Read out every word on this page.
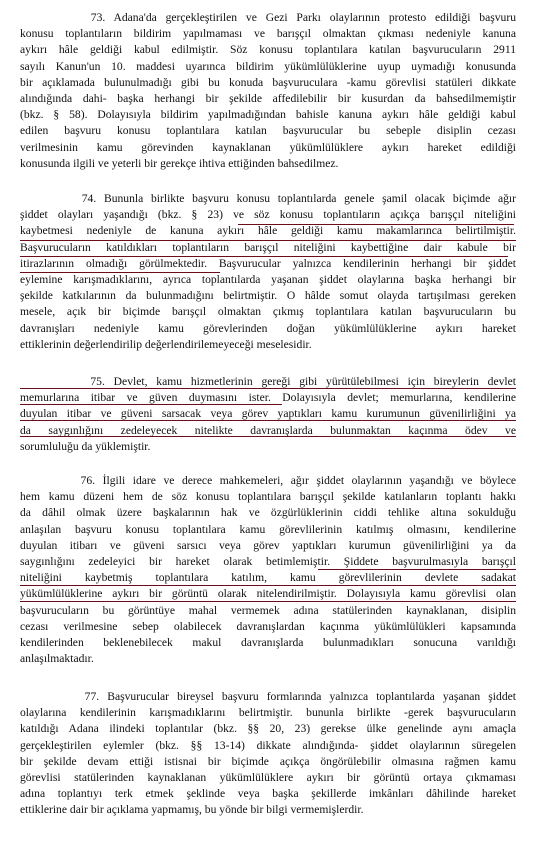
73. Adana'da gerçekleştirilen ve Gezi Parkı olaylarının protesto edildiği başvuru
konusu toplantıların bildirim yapılmaması ve barışçıl olmaktan çıkması nedeniyle kanuna
aykırı hâle geldiği kabul edilmiştir. Söz konusu toplantılara katılan başvurucuların 2911
sayılı Kanun'un 10. maddesi uyarınca bildirim yükümlülüklerine uyup uymadığı konusunda
bir açıklamada bulunulmadığı gibi bu konuda başvuruculara -kamu görevlisi statüleri dikkate
alındığında dahi- başka herhangi bir şekilde affedilebilir bir kusurdan da bahsedilmemiştir
(bkz. § 58). Dolayısıyla bildirim yapılmadığından bahisle kanuna aykırı hâle geldiği kabul
edilen başvuru konusu toplantılara katılan başvurucular bu sebeple disiplin cezası
verilmesinin kamu görevinden kaynaklanan yükümlülüklere aykırı hareket edildiği
konusunda ilgili ve yeterli bir gerekçe ihtiva ettiğinden bahsedilmez.
74. Bununla birlikte başvuru konusu toplantılarda genele şamil olacak biçimde ağır
şiddet olayları yaşandığı (bkz. § 23) ve söz konusu toplantıların açıkça barışçıl niteliğini
kaybetmesi nedeniyle de kanuna aykırı hâle geldiği kamu makamlarınca belirtilmiştir.
Başvurucuların katıldıkları toplantıların barışçıl niteliğini kaybettiğine dair kabule bir
itirazlarının olmadığı görülmektedir. Başvurucular yalnızca kendilerinin herhangi bir şiddet
eylemine karışmadıklarını, ayrıca toplantılarda yaşanan şiddet olaylarına başka herhangi bir
şekilde katkılarının da bulunmadığını belirtmiştir. O hâlde somut olayda tartışılması gereken
mesele, açık bir biçimde barışçıl olmaktan çıkmış toplantılara katılan başvurucuların bu
davranışları nedeniyle kamu görevlerinden doğan yükümlülüklerine aykırı hareket
ettiklerinin değerlendirilip değerlendirilemeyeceği meselesidir.
75. Devlet, kamu hizmetlerinin gereği gibi yürütülebilmesi için bireylerin devlet
memurlarına itibar ve güven duymasını ister. Dolayısıyla devlet; memurlarına, kendilerine
duyulan itibar ve güveni sarsacak veya görev yaptıkları kamu kurumunun güvenilirliğini ya
da saygınlığını zedeleyecek nitelikte davranışlarda bulunmaktan kaçınma ödev ve
sorumluluğu da yüklemiştir.
76. İlgili idare ve derece mahkemeleri, ağır şiddet olaylarının yaşandığı ve böylece
hem kamu düzeni hem de söz konusu toplantılara barışçıl şekilde katılanların toplantı hakkı
da dâhil olmak üzere başkalarının hak ve özgürlüklerinin ciddi tehlike altına sokulduğu
anlaşılan başvuru konusu toplantılara kamu görevlilerinin katılmış olmasını, kendilerine
duyulan itibarı ve güveni sarsıcı veya görev yaptıkları kurumun güvenilirliğini ya da
saygınlığını zedeleyici bir hareket olarak betimlemiştir. Şiddete başvurulmasıyla barışçıl
niteliğini kaybetmiş toplantılara katılım, kamu görevlilerinin devlete sadakat
yükümlülüklerine aykırı bir görüntü olarak nitelendirilmiştir. Dolayısıyla kamu görevlisi olan
başvurucuların bu görüntüye mahal vermemek adına statülerinden kaynaklanan, disiplin
cezası verilmesine sebep olabilecek davranışlardan kaçınma yükümlülükleri kapsamında
kendilerinden beklenebilecek makul davranışlarda bulunmadıkları sonucuna varıldığı
anlaşılmaktadır.
77. Başvurucular bireysel başvuru formlarında yalnızca toplantılarda yaşanan şiddet
olaylarına kendilerinin karışmadıklarını belirtmiştir. bununla birlikte -gerek başvurucuların
katıldığı Adana ilindeki toplantılar (bkz. §§ 20, 23) gerekse ülke genelinde aynı amaçla
gerçekleştirilen eylemler (bkz. §§ 13-14) dikkate alındığında- şiddet olaylarının süregelen
bir şekilde devam ettiği istisnai bir biçimde açıkça öngörülebilir olmasına rağmen kamu
görevlisi statülerinden kaynaklanan yükümlülüklere aykırı bir görüntü ortaya çıkmaması
adına toplantıyı terk etmek şeklinde veya başka şekillerde imkânları dâhilinde hareket
ettiklerine dair bir açıklama yapmamış, bu yönde bir bilgi vermemişlerdir.
